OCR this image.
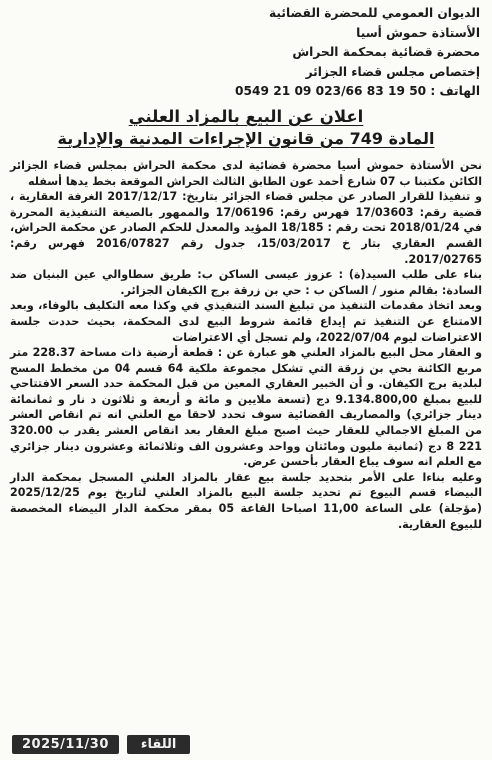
الديوان العمومي للمحضرة القضائية
الأستاذة حموش أسيا
محضرة قضائية بمحكمة الحراش
إختصاص مجلس قضاء الجزائر
الهاتف : 50 19 83 023/66 09 21 0549
اعلان عن البيع بالمزاد العلني
المادة 749 من قانون الإجراءات المدنية والإدارية

نحن الأستاذة حموش أسيا محضرة قضائية لدى محكمة الحراش بمجلس قضاء الجزائر الكائن مكتبنا ب 07 شارع أحمد عون الطابق الثالث الحراش الموقعة بخط يدها أسفله

و تنفيذا للقرار الصادر عن مجلس قضاء الجزائر بتاريخ: 2017/12/17 الغرفة العقارية ، قضية رقم: 17/03603 فهرس رقم: 17/06196 والممهور بالصيغة التنفيذية المحررة في 2018/01/24 تحت رقم : 18/185 المؤيد والمعدل للحكم الصادر عن محكمة الحراش، القسم العقاري بتار خ 15/03/2017، جدول رقم 2016/07827 فهرس رقم: 2017/02765.

بناء على طلب السيد(ة) : عزوز عيسى الساكن ب: طريق سطاوالي عين البنيان ضد السادة: بقالم منور / الساكن ب : حي بن زرقة برج الكيفان الجزائر.

وبعد اتخاذ مقدمات التنفيذ من تبليغ السند التنفيذي في وكذا معه التكليف بالوفاء، وبعد الامتناع عن التنفيذ تم إيداع قائمة شروط البيع لدى المحكمة، بحيث حددت جلسة الاعتراضات ليوم 2022/07/04، ولم تسجل أي الاعتراضات

و العقار محل البيع بالمزاد العلني هو عبارة عن : قطعة أرضية ذات مساحة 228.37 متر مربع الكائنة بحي بن زرقة التي تشكل مجموعة ملكية 64 قسم 04 من مخطط المسح لبلدية برج الكيفان. و أن الخبير العقاري المعين من قبل المحكمة حدد السعر الافتتاحي للبيع بمبلغ 9.134.800,00 دج (تسعة ملايين و مائة و أربعة و ثلاثون د نار و ثمانمائة دينار جزائري) والمصاريف القضائية سوف تحدد لاحقا مع العلني انه تم انقاص العشر من المبلغ الاجمالي للعقار حيث اصبح مبلغ العقار بعد انقاص العشر يقدر ب 320.00 221 8 دج (ثمانية مليون ومائتان وواحد وعشرون الف وثلاثمائة وعشرون دينار جزائري مع العلم انه سوف يباع العقار بأحسن عرض.

وعليه بناءا على الأمر بتحديد جلسة بيع عقار بالمزاد العلني المسجل بمحكمة الدار البيضاء قسم البيوع تم تحديد جلسة البيع بالمزاد العلني لتاريخ يوم 2025/12/25 (مؤجلة) على الساعة 11,00 اصباحا القاعة 05 بمقر محكمة الدار البيضاء المخصصة للبيوع العقارية.

2025/11/30	اللقاء
